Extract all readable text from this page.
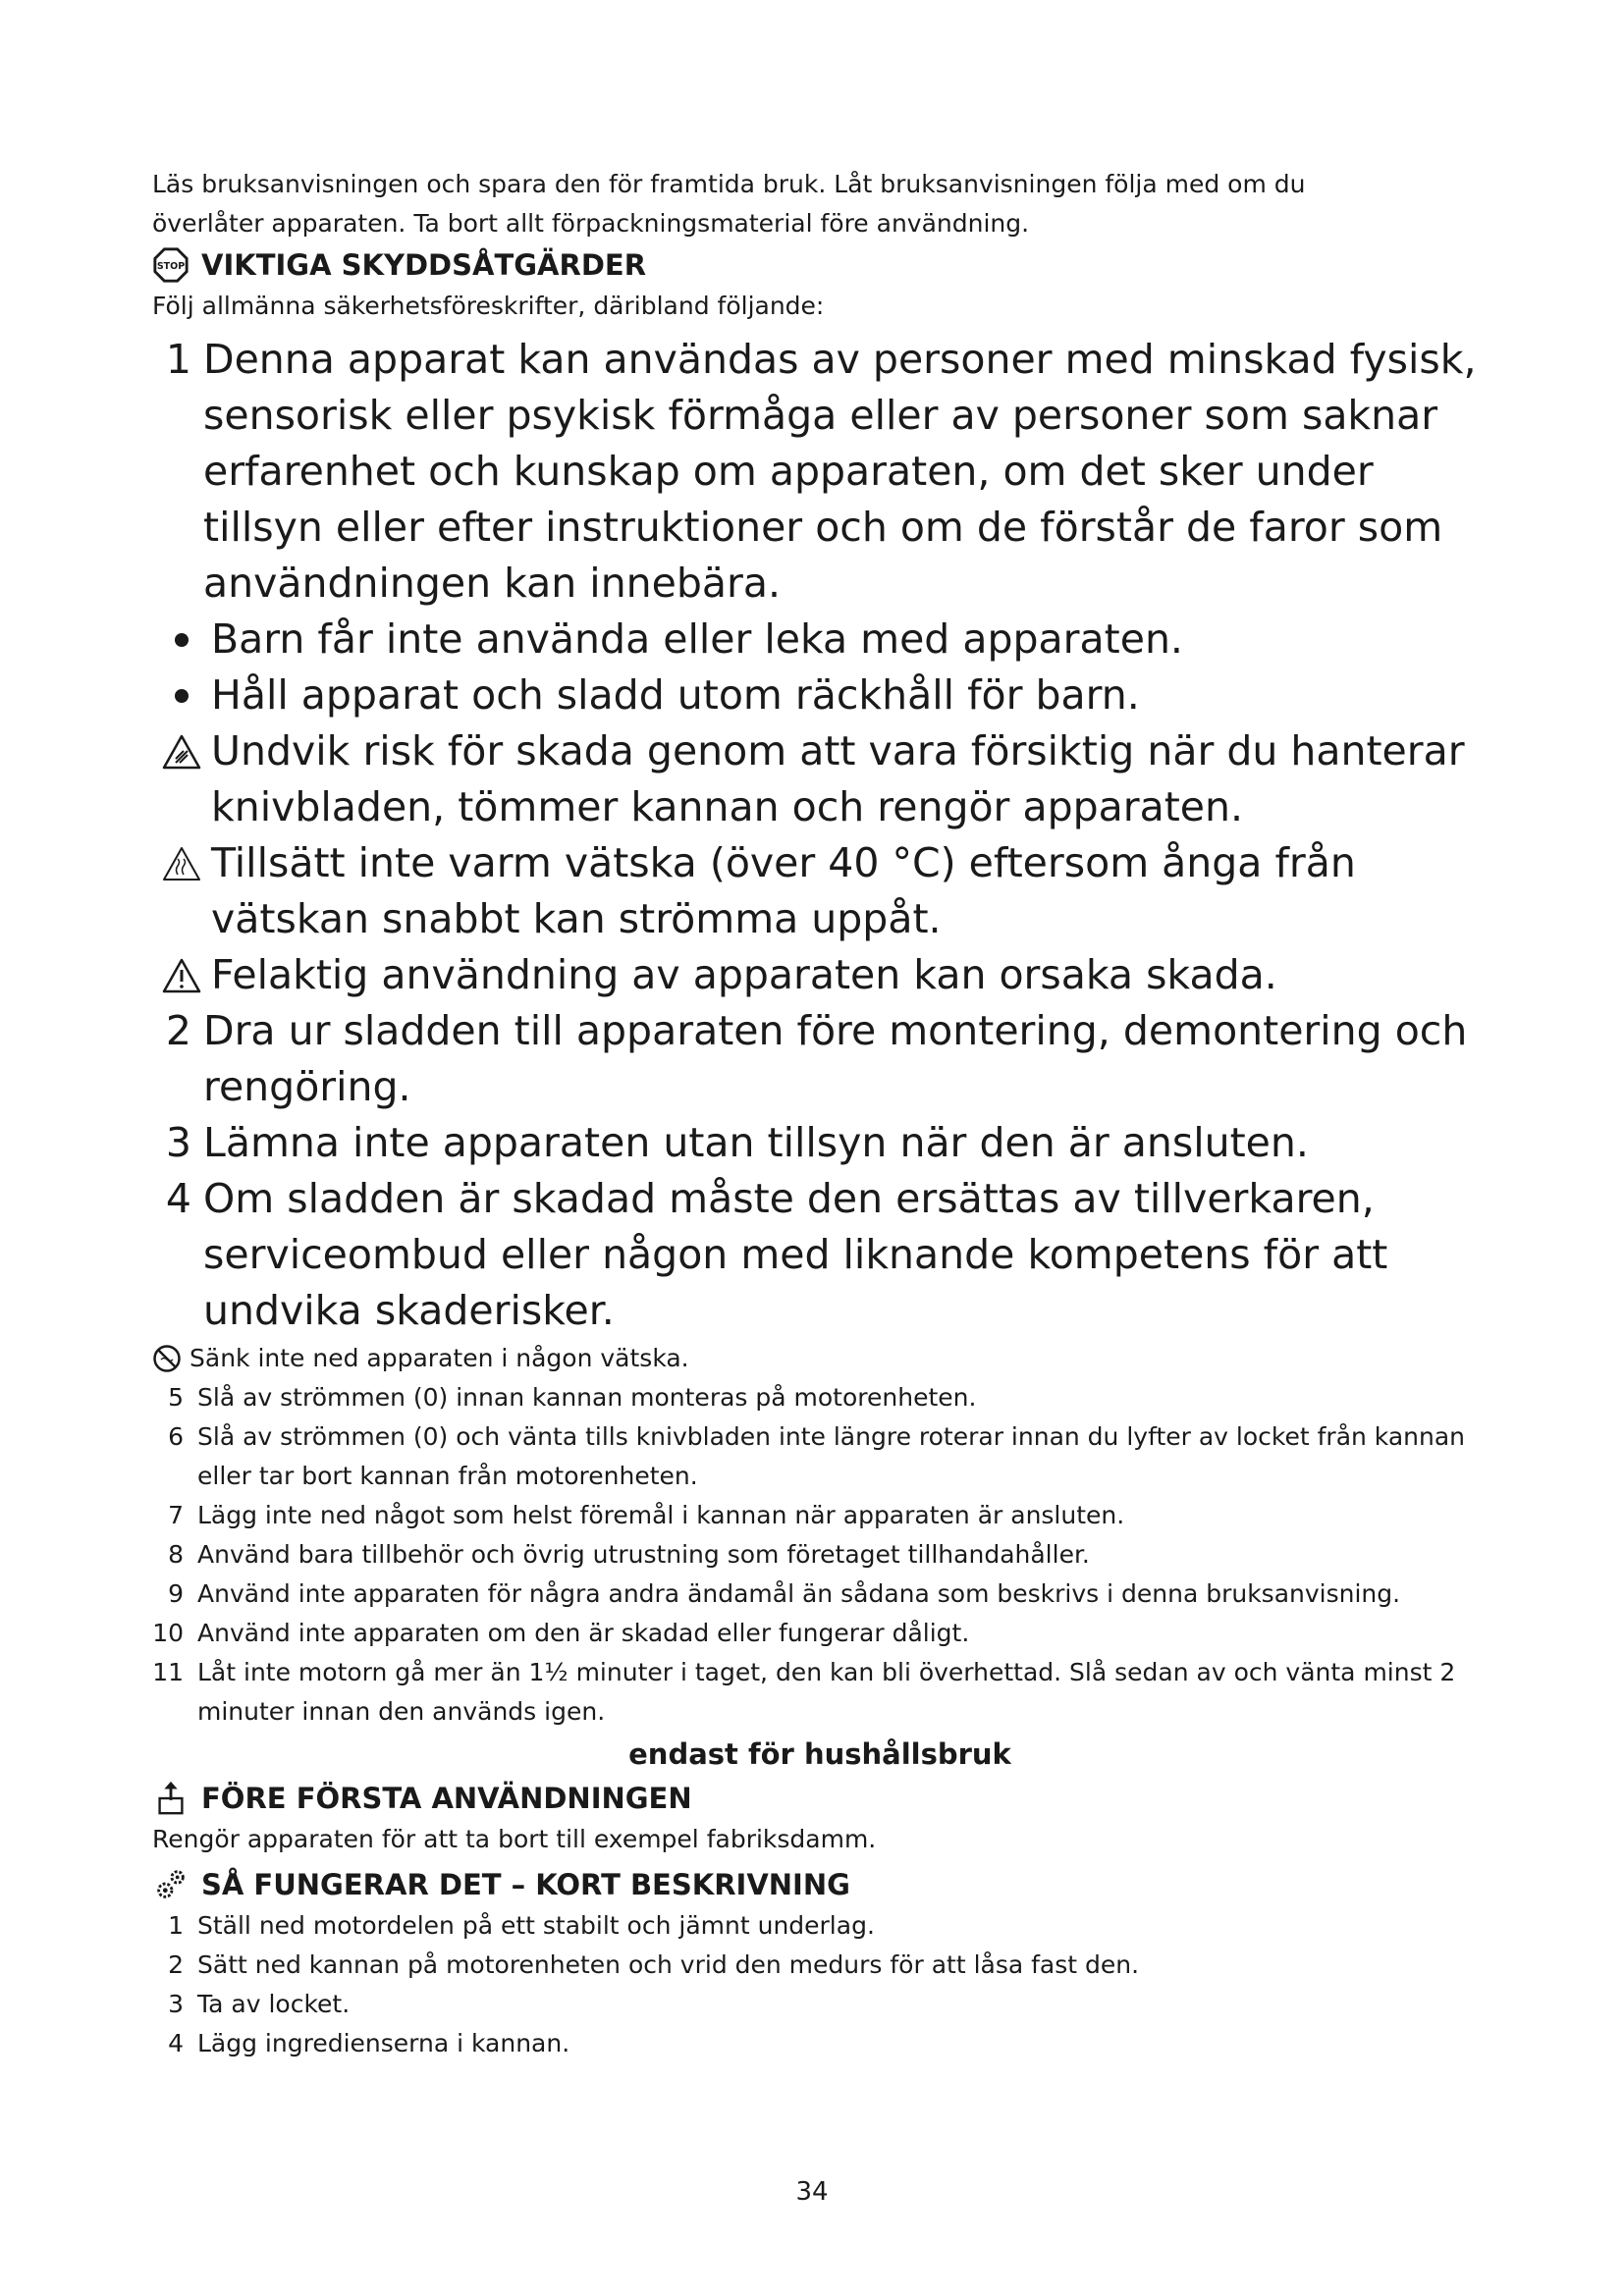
Läs bruksanvisningen och spara den för framtida bruk. Låt bruksanvisningen följa med om du

överlåter apparaten. Ta bort allt förpackningsmaterial före användning.

STOP VIKTIGA SKYDDSÅTGÄRDER

Följ allmänna säkerhetsföreskrifter, däribland följande:

1 Denna apparat kan användas av personer med minskad fysisk, sensorisk eller psykisk förmåga eller av personer som saknar erfarenhet och kunskap om apparaten, om det sker under tillsyn eller efter instruktioner och om de förstår de faror som användningen kan innebära.
Barn får inte använda eller leka med apparaten.
Håll apparat och sladd utom räckhåll för barn.
Undvik risk för skada genom att vara försiktig när du hanterar knivbladen, tömmer kannan och rengör apparaten.
Tillsätt inte varm vätska (över 40 °C) eftersom ånga från vätskan snabbt kan strömma uppåt.
Felaktig användning av apparaten kan orsaka skada.
2 Dra ur sladden till apparaten före montering, demontering och rengöring.
3 Lämna inte apparaten utan tillsyn när den är ansluten.
4 Om sladden är skadad måste den ersättas av tillverkaren, serviceombud eller någon med liknande kompetens för att undvika skaderisker.
Sänk inte ned apparaten i någon vätska.
5 Slå av strömmen (0) innan kannan monteras på motorenheten.
6 Slå av strömmen (0) och vänta tills knivbladen inte längre roterar innan du lyfter av locket från kannan eller tar bort kannan från motorenheten.
7 Lägg inte ned något som helst föremål i kannan när apparaten är ansluten.
8 Använd bara tillbehör och övrig utrustning som företaget tillhandahåller.
9 Använd inte apparaten för några andra ändamål än sådana som beskrivs i denna bruksanvisning.
10 Använd inte apparaten om den är skadad eller fungerar dåligt.
11 Låt inte motorn gå mer än 1½ minuter i taget, den kan bli överhettad. Slå sedan av och vänta minst 2 minuter innan den används igen.

endast för hushållsbruk

FÖRE FÖRSTA ANVÄNDNINGEN

Rengör apparaten för att ta bort till exempel fabriksdamm.

SÅ FUNGERAR DET – KORT BESKRIVNING
1 Ställ ned motordelen på ett stabilt och jämnt underlag.
2 Sätt ned kannan på motorenheten och vrid den medurs för att låsa fast den.
3 Ta av locket.
4 Lägg ingredienserna i kannan.
34
